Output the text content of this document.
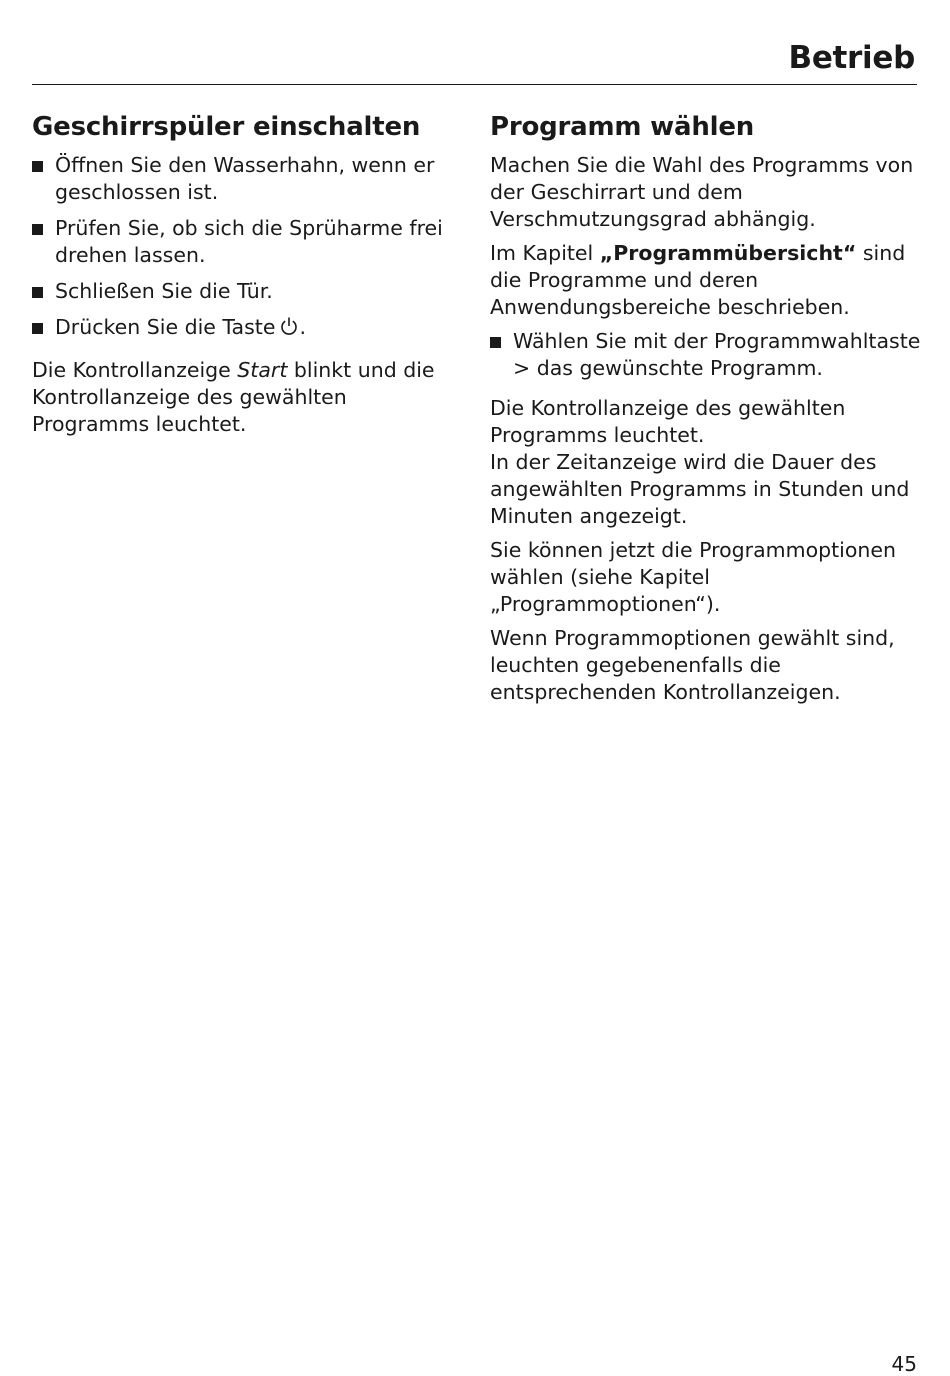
Betrieb
Geschirrspüler einschalten
Öffnen Sie den Wasserhahn, wenn er geschlossen ist.
Prüfen Sie, ob sich die Sprüharme frei drehen lassen.
Schließen Sie die Tür.
Drücken Sie die Taste .

Die Kontrollanzeige Start blinkt und die Kontrollanzeige des gewählten Programms leuchtet.

Programm wählen

Machen Sie die Wahl des Programms von der Geschirrart und dem Verschmutzungsgrad abhängig.

Im Kapitel „Programmübersicht“ sind die Programme und deren Anwendungsbereiche beschrieben.

Wählen Sie mit der Programmwahltaste > das gewünschte Programm.

Die Kontrollanzeige des gewählten Programms leuchtet.

In der Zeitanzeige wird die Dauer des angewählten Programms in Stunden und Minuten angezeigt.

Sie können jetzt die Programmoptionen wählen (siehe Kapitel „Programmoptionen“).

Wenn Programmoptionen gewählt sind, leuchten gegebenenfalls die entsprechenden Kontrollanzeigen.

45
